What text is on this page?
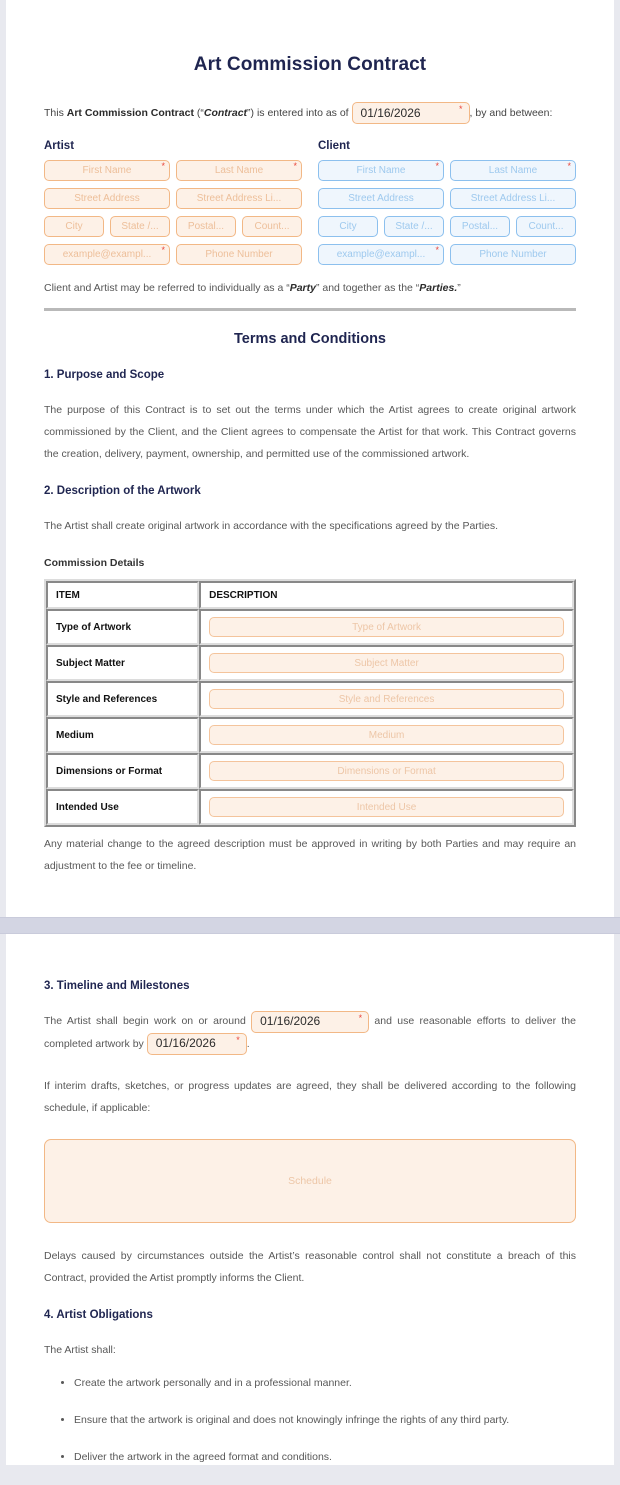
Art Commission Contract

This Art Commission Contract (“Contract”) is entered into as of 01/16/2026	* , by and between:

Artist
First Name	*	Last Name	*
Street Address	Street Address Li...
City	State /...	Postal...	Count...
example@exampl... *	Phone Number
Client
First Name	*	Last Name	*
Street Address	Street Address Li...
City	State /...	Postal...	Count...
example@exampl... *	Phone Number

Client and Artist may be referred to individually as a “Party” and together as the “Parties.”

Terms and Conditions
1. Purpose and Scope

The purpose of this Contract is to set out the terms under which the Artist agrees to create original artwork commissioned by the Client, and the Client agrees to compensate the Artist for that work. This Contract governs the creation, delivery, payment, ownership, and permitted use of the commissioned artwork.

2. Description of the Artwork

The Artist shall create original artwork in accordance with the specifications agreed by the Parties.

Commission Details
ITEM	DESCRIPTION
Type of Artwork	Type of Artwork

Subject Matter	Subject Matter

Style and References	Style and References

Medium	Medium

Dimensions or Format	Dimensions or Format

Intended Use	Intended Use

Any material change to the agreed description must be approved in writing by both Parties and may require an adjustment to the fee or timeline.

3. Timeline and Milestones

The Artist shall begin work on or around 01/16/2026	* and use reasonable efforts to deliver the completed artwork by 01/16/2026 * .

If interim drafts, sketches, or progress updates are agreed, they shall be delivered according to the following schedule, if applicable:

Schedule

Delays caused by circumstances outside the Artist’s reasonable control shall not constitute a breach of this Contract, provided the Artist promptly informs the Client.

4. Artist Obligations

The Artist shall:

• Create the artwork personally and in a professional manner.
• Ensure that the artwork is original and does not knowingly infringe the rights of any third party.
• Deliver the artwork in the agreed format and conditions.
